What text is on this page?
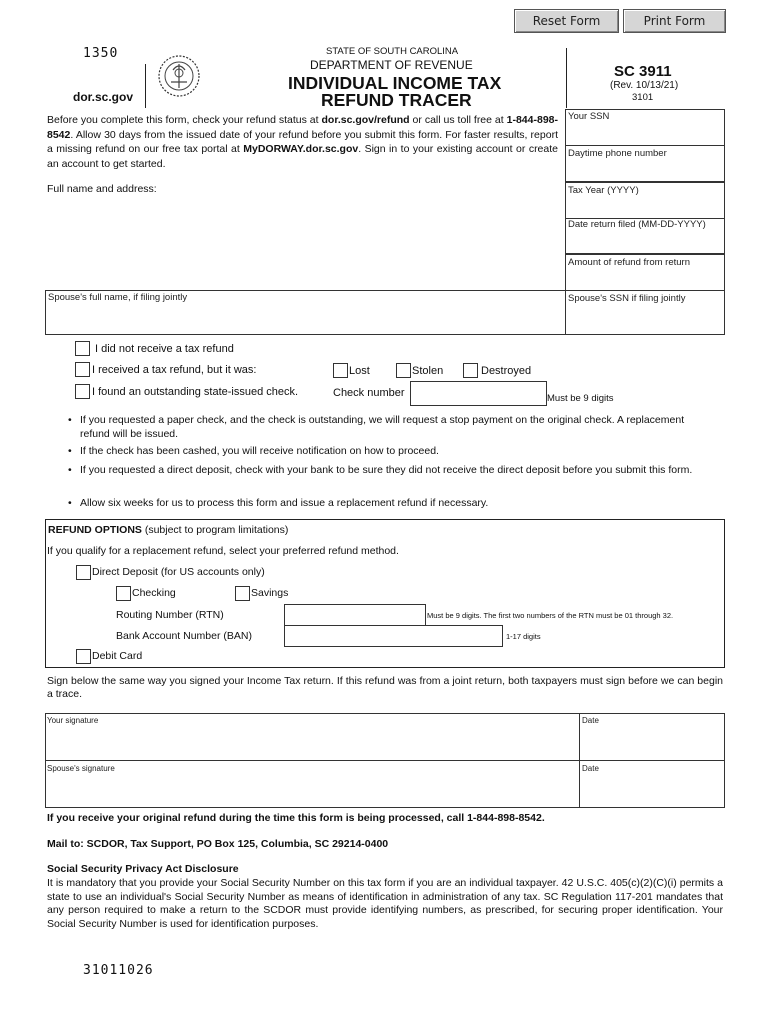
Reset Form	Print Form
1350
dor.sc.gov
STATE OF SOUTH CAROLINA
DEPARTMENT OF REVENUE
INDIVIDUAL INCOME TAX
REFUND TRACER
SC 3911
(Rev. 10/13/21)
3101

Before you complete this form, check your refund status at dor.sc.gov/refund or call us toll free at 1-844-898-8542. Allow 30 days from the issued date of your refund before you submit this form. For faster results, report a missing refund on our free tax portal at MyDORWAY.dor.sc.gov. Sign in to your existing account or create an account to get started.

Your SSN
Daytime phone number
Tax Year (YYYY)
Date return filed (MM-DD-YYYY)
Amount of refund from return
Full name and address:
Spouse's full name, if filing jointly	Spouse's SSN if filing jointly
I did not receive a tax refund
I received a tax refund, but it was:	Lost	Stolen	Destroyed
I found an outstanding state-issued check.	Check number	Must be 9 digits
• If you requested a paper check, and the check is outstanding, we will request a stop payment on the original check. A replacement refund will be issued.
• If the check has been cashed, you will receive notification on how to proceed.
• If you requested a direct deposit, check with your bank to be sure they did not receive the direct deposit before you submit this form.
• Allow six weeks for us to process this form and issue a replacement refund if necessary.
REFUND OPTIONS (subject to program limitations)
If you qualify for a replacement refund, select your preferred refund method.
Direct Deposit (for US accounts only)
Checking	Savings
Routing Number (RTN)	Must be 9 digits. The first two numbers of the RTN must be 01 through 32.
Bank Account Number (BAN)	1-17 digits
Debit Card

Sign below the same way you signed your Income Tax return. If this refund was from a joint return, both taxpayers must sign before we can begin a trace.

Your signature	Date
Spouse's signature	Date
If you receive your original refund during the time this form is being processed, call 1-844-898-8542.
Mail to: SCDOR, Tax Support, PO Box 125, Columbia, SC 29214-0400
Social Security Privacy Act Disclosure

It is mandatory that you provide your Social Security Number on this tax form if you are an individual taxpayer. 42 U.S.C. 405(c)(2)(C)(i) permits a state to use an individual's Social Security Number as means of identification in administration of any tax. SC Regulation 117-201 mandates that any person required to make a return to the SCDOR must provide identifying numbers, as prescribed, for securing proper identification. Your Social Security Number is used for identification purposes.

31011026
